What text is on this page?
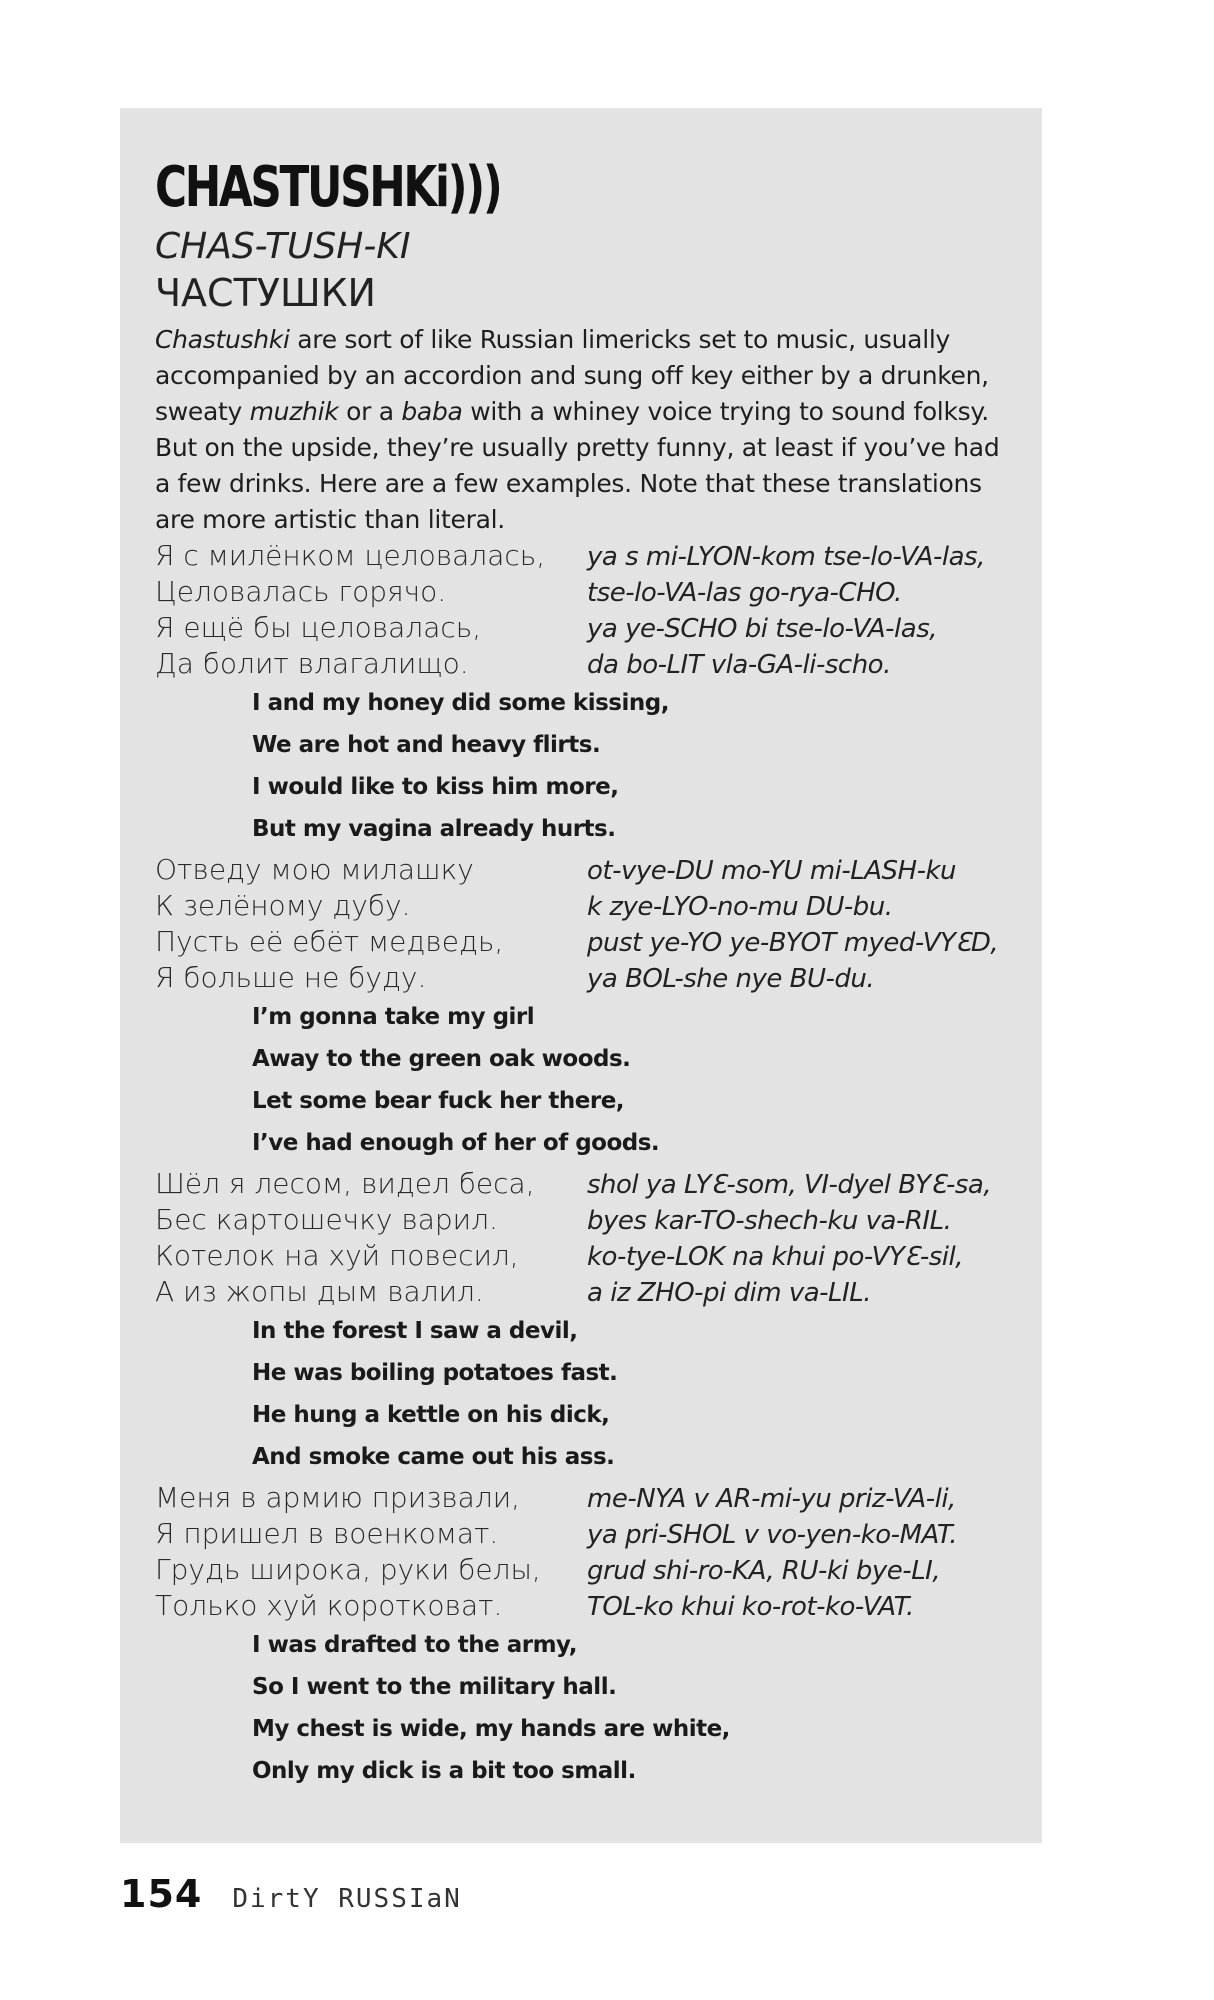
CHASTUSHKi)))
CHAS-TUSH-KI
ЧАСТУШКИ
Chastushki are sort of like Russian limericks set to music, usually accompanied by an accordion and sung off key either by a drunken, sweaty muzhik or a baba with a whiney voice trying to sound folksy. But on the upside, they’re usually pretty funny, at least if you’ve had a few drinks. Here are a few examples. Note that these translations are more artistic than literal.
Я с милёнком целовалась,	ya s mi-LYON-kom tse-lo-VA-las,
Целовалась горячо.	tse-lo-VA-las go-rya-CHO.
Я ещё бы целовалась,	ya ye-SCHO bi tse-lo-VA-las,
Да болит влагалищо.	da bo-LIT vla-GA-li-scho.
I and my honey did some kissing,
We are hot and heavy flirts.
I would like to kiss him more,
But my vagina already hurts.
Отведу мою милашку	ot-vye-DU mo-YU mi-LASH-ku
К зелёному дубу.	k zye-LYO-no-mu DU-bu.
Пусть её ебёт медведь,	pust ye-YO ye-BYOT myed-VYƐD,
Я больше не буду.	ya BOL-she nye BU-du.
I’m gonna take my girl
Away to the green oak woods.
Let some bear fuck her there,
I’ve had enough of her of goods.
Шёл я лесом, видел беса,	shol ya LYƐ-som, VI-dyel BYƐ-sa,
Бес картошечку варил.	byes kar-TO-shech-ku va-RIL.
Котелок на хуй повесил,	ko-tye-LOK na khui po-VYƐ-sil,
А из жопы дым валил.	a iz ZHO-pi dim va-LIL.
In the forest I saw a devil,
He was boiling potatoes fast.
He hung a kettle on his dick,
And smoke came out his ass.
Меня в армию призвали,	me-NYA v AR-mi-yu priz-VA-li,
Я пришел в военкомат.	ya pri-SHOL v vo-yen-ko-MAT.
Грудь широка, руки белы,	grud shi-ro-KA, RU-ki bye-LI,
Только хуй коротковат.	TOL-ko khui ko-rot-ko-VAT.
I was drafted to the army,
So I went to the military hall.
My chest is wide, my hands are white,
Only my dick is a bit too small.
154 DirtY RUSSIaN
